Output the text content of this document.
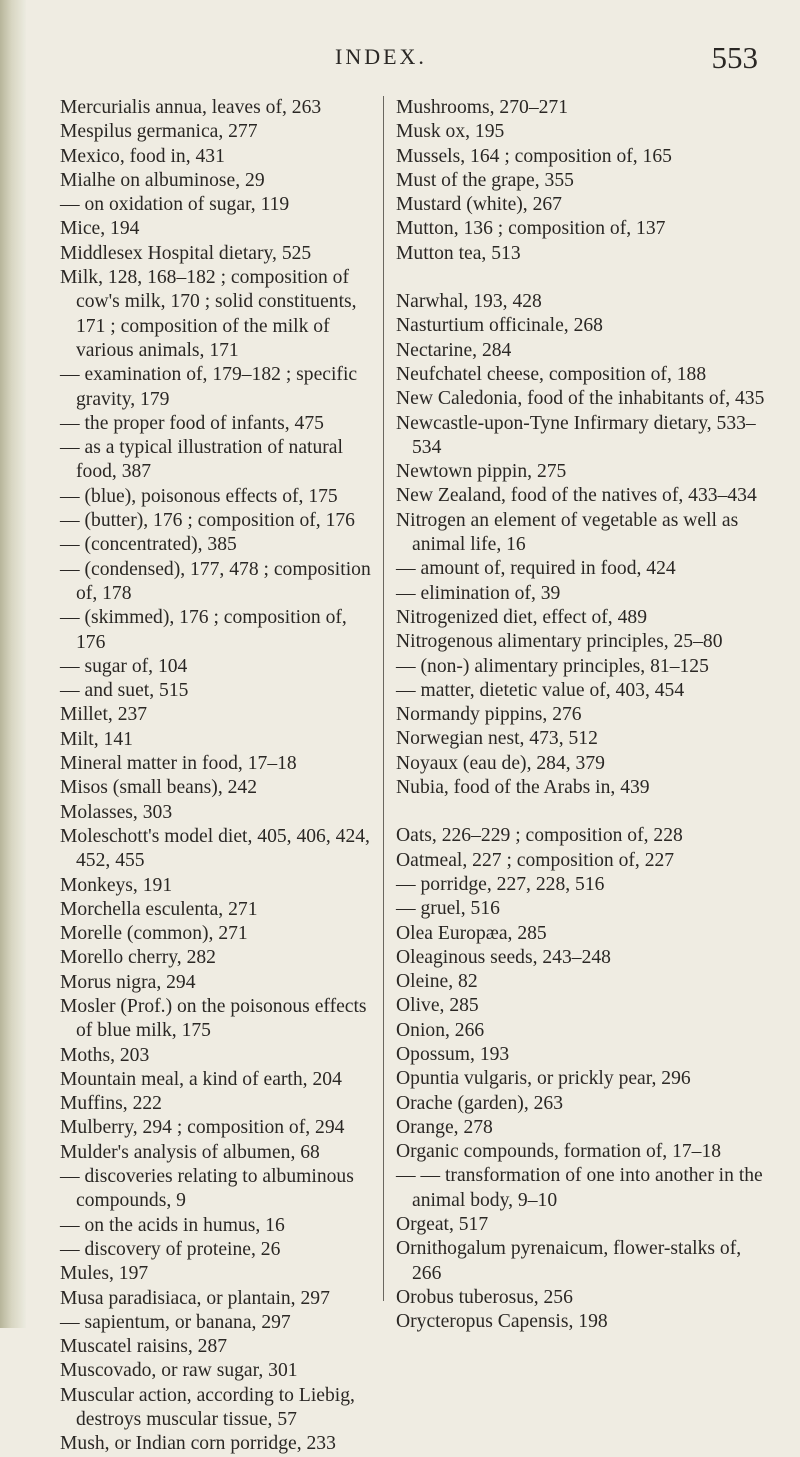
INDEX.	553
Mercurialis annua, leaves of, 263
Mespilus germanica, 277
Mexico, food in, 431
Mialhe on albuminose, 29
— on oxidation of sugar, 119
Mice, 194
Middlesex Hospital dietary, 525
Milk, 128, 168–182 ; composition of cow's milk, 170 ; solid constituents, 171 ; composition of the milk of various animals, 171
— examination of, 179–182 ; specific gravity, 179
— the proper food of infants, 475
— as a typical illustration of natural food, 387
— (blue), poisonous effects of, 175
— (butter), 176 ; composition of, 176
— (concentrated), 385
— (condensed), 177, 478 ; composition of, 178
— (skimmed), 176 ; composition of, 176
— sugar of, 104
— and suet, 515
Millet, 237
Milt, 141
Mineral matter in food, 17–18
Misos (small beans), 242
Molasses, 303
Moleschott's model diet, 405, 406, 424, 452, 455
Monkeys, 191
Morchella esculenta, 271
Morelle (common), 271
Morello cherry, 282
Morus nigra, 294
Mosler (Prof.) on the poisonous effects of blue milk, 175
Moths, 203
Mountain meal, a kind of earth, 204
Muffins, 222
Mulberry, 294 ; composition of, 294
Mulder's analysis of albumen, 68
— discoveries relating to albuminous compounds, 9
— on the acids in humus, 16
— discovery of proteine, 26
Mules, 197
Musa paradisiaca, or plantain, 297
— sapientum, or banana, 297
Muscatel raisins, 287
Muscovado, or raw sugar, 301
Muscular action, according to Liebig, destroys muscular tissue, 57
Mush, or Indian corn porridge, 233
Mushrooms, 270–271
Musk ox, 195
Mussels, 164 ; composition of, 165
Must of the grape, 355
Mustard (white), 267
Mutton, 136 ; composition of, 137
Mutton tea, 513
Narwhal, 193, 428
Nasturtium officinale, 268
Nectarine, 284
Neufchatel cheese, composition of, 188
New Caledonia, food of the inhabitants of, 435
Newcastle-upon-Tyne Infirmary dietary, 533–534
Newtown pippin, 275
New Zealand, food of the natives of, 433–434
Nitrogen an element of vegetable as well as animal life, 16
— amount of, required in food, 424
— elimination of, 39
Nitrogenized diet, effect of, 489
Nitrogenous alimentary principles, 25–80
— (non-) alimentary principles, 81–125
— matter, dietetic value of, 403, 454
Normandy pippins, 276
Norwegian nest, 473, 512
Noyaux (eau de), 284, 379
Nubia, food of the Arabs in, 439
Oats, 226–229 ; composition of, 228
Oatmeal, 227 ; composition of, 227
— porridge, 227, 228, 516
— gruel, 516
Olea Europæa, 285
Oleaginous seeds, 243–248
Oleine, 82
Olive, 285
Onion, 266
Opossum, 193
Opuntia vulgaris, or prickly pear, 296
Orache (garden), 263
Orange, 278
Organic compounds, formation of, 17–18
— — transformation of one into another in the animal body, 9–10
Orgeat, 517
Ornithogalum pyrenaicum, flower-stalks of, 266
Orobus tuberosus, 256
Orycteropus Capensis, 198
